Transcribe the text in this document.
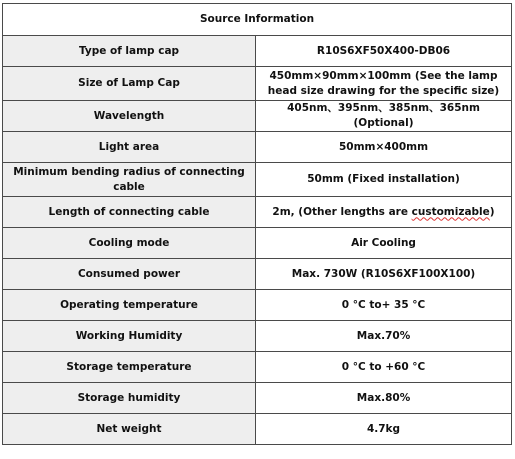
Source Information	
Type of lamp cap	R10S6XF50X400-DB06
Size of Lamp Cap	450mm×90mm×100mm (See the lamp head size drawing for the specific size)
Wavelength	405nm、395nm、385nm、365nm (Optional)
Light area	50mm×400mm
Minimum bending radius of connecting cable	50mm (Fixed installation)
Length of connecting cable	2m, (Other lengths are customizable)
Cooling mode	Air Cooling
Consumed power	Max. 730W (R10S6XF100X100)
Operating temperature	0 °C to+ 35 °C
Working Humidity	Max.70%
Storage temperature	0 °C to +60 °C
Storage humidity	Max.80%
Net weight	4.7kg
